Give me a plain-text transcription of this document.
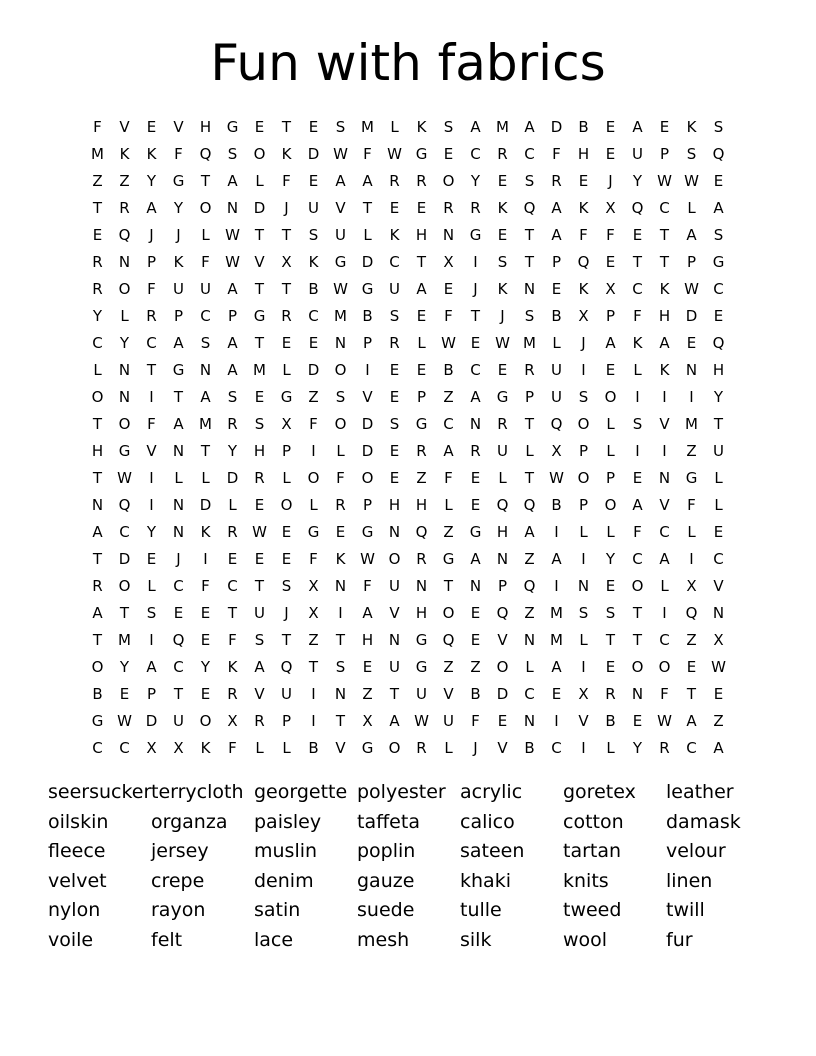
Fun with fabrics
F	V	E	V	H	G	E	T	E	S	M	L	K	S	A	M	A	D	B	E	A	E	K	S
M	K	K	F	Q	S	O	K	D W	F	W G	E	C	R	C	F	H	E	U	P	S	Q
Z	Z	Y	G	T	A	L	F	E	A	A	R	R	O	Y	E	S	R	E	J	Y	W W E
T	R	A	Y	O	N	D	J	U	V	T	E	E	R	R	K	Q	A	K	X	Q	C	L	A
E	Q	J	J	L	W T	T	S	U	L	K	H	N	G	E	T	A	F	F	E	T	A	S
R	N	P	K	F	W V	X	K	G	D	C	T	X	I	S	T	P	Q	E	T	T	P	G
R	O	F	U	U	A	T	T	B W G	U	A	E	J	K	N	E	K	X	C	K W C
Y	L	R	P	C	P	G	R	C	M	B	S	E	F	T	J	S	B	X	P	F	H	D	E
C	Y	C	A	S	A	T	E	E	N	P	R	L	W E W M	L	J	A	K	A	E	Q
L	N	T	G	N	A	M	L	D	O	I	E	E	B	C	E	R	U	I	E	L	K	N	H
O	N	I	T	A	S	E	G	Z	S	V	E	P	Z	A	G	P	U	S	O	I	I	I	Y
T	O	F	A	M	R	S	X	F	O	D	S	G	C	N	R	T	Q	O	L	S	V	M	T
H	G	V	N	T	Y	H	P	I	L	D	E	R	A	R	U	L	X	P	L	I	I	Z	U
T	W	I	L	L	D	R	L	O	F	O	E	Z	F	E	L	T	W O	P	E	N	G	L
N	Q	I	N	D	L	E	O	L	R	P	H	H	L	E	Q	Q	B	P	O	A	V	F	L
A	C	Y	N	K	R W E	G	E	G	N	Q	Z	G	H	A	I	L	L	F	C	L	E
T	D	E	J	I	E	E	E	F	K W O	R	G	A	N	Z	A	I	Y	C	A	I	C
R	O	L	C	F	C	T	S	X	N	F	U	N	T	N	P	Q	I	N	E	O	L	X	V
A	T	S	E	E	T	U	J	X	I	A	V	H	O	E	Q	Z	M	S	S	T	I	Q	N
T	M	I	Q	E	F	S	T	Z	T	H	N	G	Q	E	V	N M	L	T	T	C	Z	X
O	Y	A	C	Y	K	A	Q	T	S	E	U	G	Z	Z	O	L	A	I	E	O	O	E W
B	E	P	T	E	R	V	U	I	N	Z	T	U	V	B	D	C	E	X	R	N	F	T	E
G W D	U	O	X	R	P	I	T	X	A W U	F	E	N	I	V	B	E W A	Z
C	C	X	X	K	F	L	L	B	V	G	O	R	L	J	V	B	C	I	L	Y	R	C	A
seersucker terrycloth georgette polyester acrylic	goretex	leather
oilskin	organza	paisley	taffeta	calico	cotton	damask
fleece	jersey	muslin	poplin	sateen	tartan	velour
velvet	crepe	denim	gauze	khaki	knits	linen
nylon	rayon	satin	suede	tulle	tweed	twill
voile	felt	lace	mesh	silk	wool	fur
